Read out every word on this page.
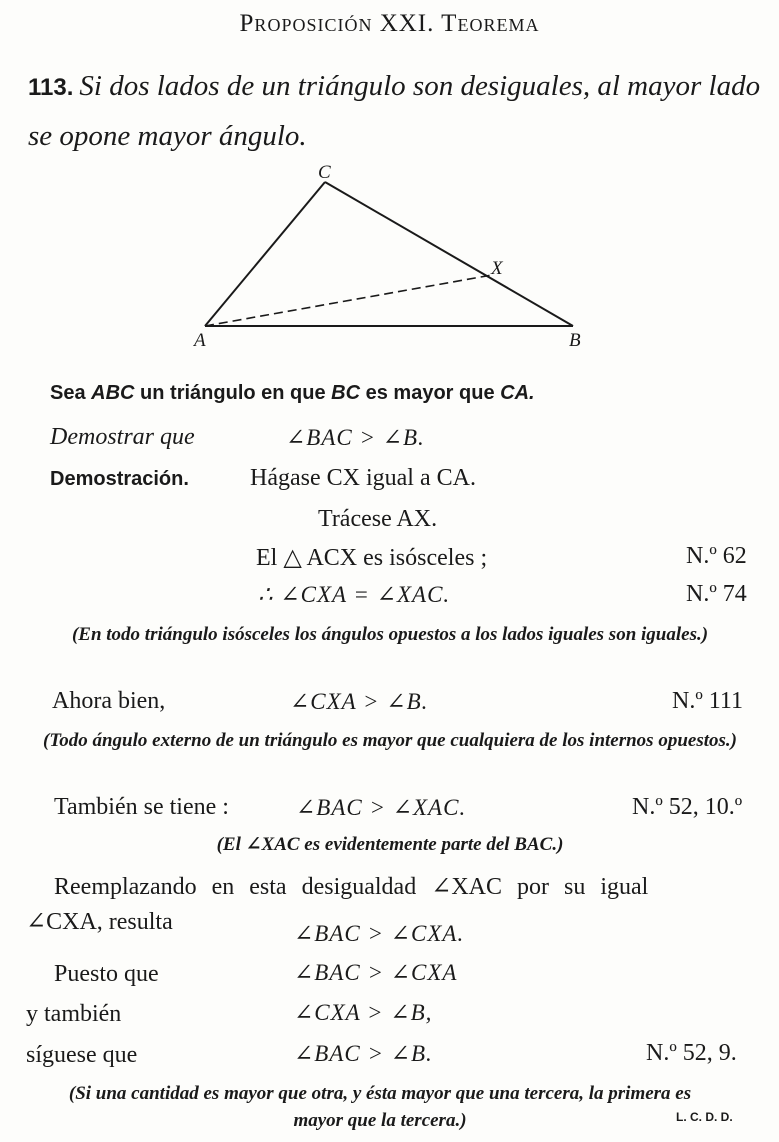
Proposición XXI. Teorema
113. Si dos lados de un triángulo son desiguales, al mayor lado se opone mayor ángulo.
C
X
A	B
Sea ABC un triángulo en que BC es mayor que CA.
Demostrar que	∠BAC > ∠B.
Demostración.	Hágase CX igual a CA.
Trácese AX.
El △ ACX es isósceles ;	N.º 62
∴ ∠CXA = ∠XAC.	N.º 74
(En todo triángulo isósceles los ángulos opuestos a los lados iguales son iguales.)
Ahora bien,	∠CXA > ∠B.	N.º 111
(Todo ángulo externo de un triángulo es mayor que cualquiera de los internos opuestos.)
También se tiene :	∠BAC > ∠XAC.	N.º 52, 10.º
(El ∠XAC es evidentemente parte del BAC.)
Reemplazando en esta desigualdad ∠XAC por su igual
∠CXA, resulta	∠BAC > ∠CXA.
Puesto que	∠BAC > ∠CXA
y también	∠CXA > ∠B,
síguese que	∠BAC > ∠B.	N.º 52, 9.
(Si una cantidad es mayor que otra, y ésta mayor que una tercera, la primera es mayor que la tercera.)	L. C. D. D.
